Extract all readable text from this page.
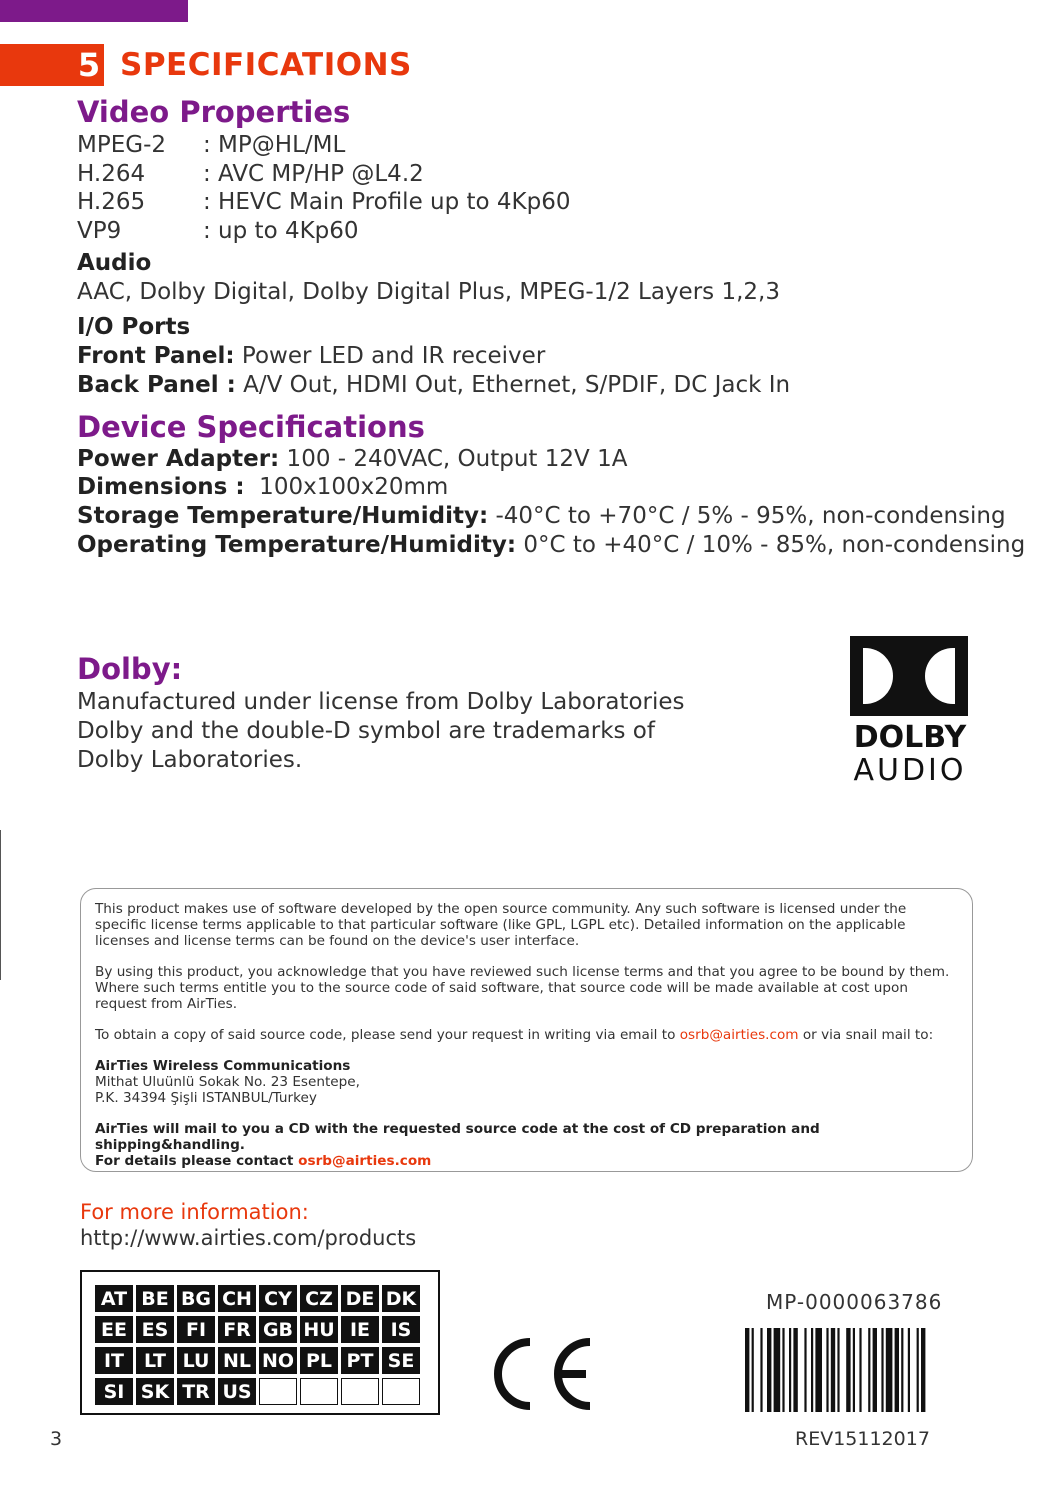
5 SPECIFICATIONS
Video Properties
MPEG-2 : MP@HL/ML
H.264	: AVC MP/HP @L4.2
H.265	: HEVC Main Profile up to 4Kp60
VP9	: up to 4Kp60
Audio
AAC, Dolby Digital, Dolby Digital Plus, MPEG-1/2 Layers 1,2,3
I/O Ports
Front Panel: Power LED and IR receiver
Back Panel : A/V Out, HDMI Out, Ethernet, S/PDIF, DC Jack In
Device Specifications
Power Adapter: 100 - 240VAC, Output 12V 1A
Dimensions :  100x100x20mm
Storage Temperature/Humidity: -40°C to +70°C / 5% - 95%, non-condensing
Operating Temperature/Humidity: 0°C to +40°C / 10% - 85%, non-condensing
Dolby:
Manufactured under license from Dolby Laboratories
Dolby and the double-D symbol are trademarks of
Dolby Laboratories.
DOLBY
AUDIO

This product makes use of software developed by the open source community. Any such software is licensed under the specific license terms applicable to that particular software (like GPL, LGPL etc). Detailed information on the applicable licenses and license terms can be found on the device's user interface.

By using this product, you acknowledge that you have reviewed such license terms and that you agree to be bound by them. Where such terms entitle you to the source code of said software, that source code will be made available at cost upon request from AirTies.

To obtain a copy of said source code, please send your request in writing via email to osrb@airties.com or via snail mail to:

AirTies Wireless Communications
Mithat Uluünlü Sokak No. 23 Esentepe,
P.K. 34394 Şişli ISTANBUL/Turkey
AirTies will mail to you a CD with the requested source code at the cost of CD preparation and shipping&handling.
For details please contact osrb@airties.com
For more information:
http://www.airties.com/products
AT	BE	BG	CH	CY	CZ	DE	DK
EE	ES	FI	FR	GB	HU	IE	IS
IT	LT	LU	NL	NO	PL	PT	SE
SI	SK	TR	US				
MP-0000063786
REV15112017
3
